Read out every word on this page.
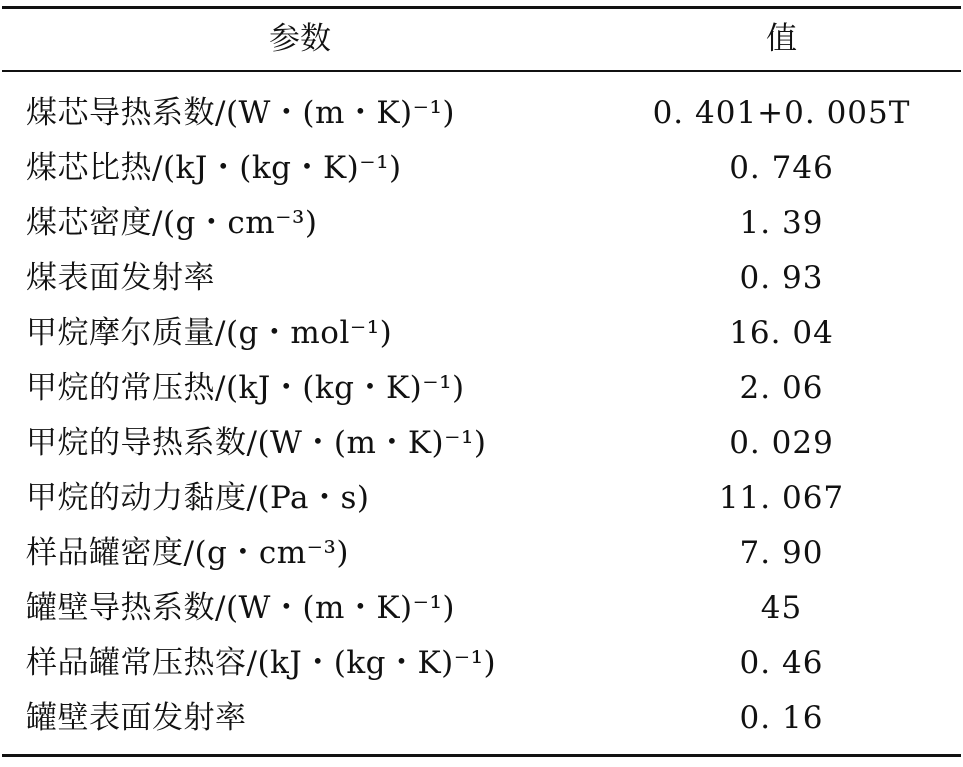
参数	值
煤芯导热系数/(W・(m・K)⁻¹)	0. 401+0. 005T
煤芯比热/(kJ・(kg・K)⁻¹)	0. 746
煤芯密度/(g・cm⁻³)	1. 39
煤表面发射率	0. 93
甲烷摩尔质量/(g・mol⁻¹)	16. 04
甲烷的常压热/(kJ・(kg・K)⁻¹)	2. 06
甲烷的导热系数/(W・(m・K)⁻¹)	0. 029
甲烷的动力黏度/(Pa・s)	11. 067
样品罐密度/(g・cm⁻³)	7. 90
罐壁导热系数/(W・(m・K)⁻¹)	45
样品罐常压热容/(kJ・(kg・K)⁻¹)	0. 46
罐壁表面发射率	0. 16
